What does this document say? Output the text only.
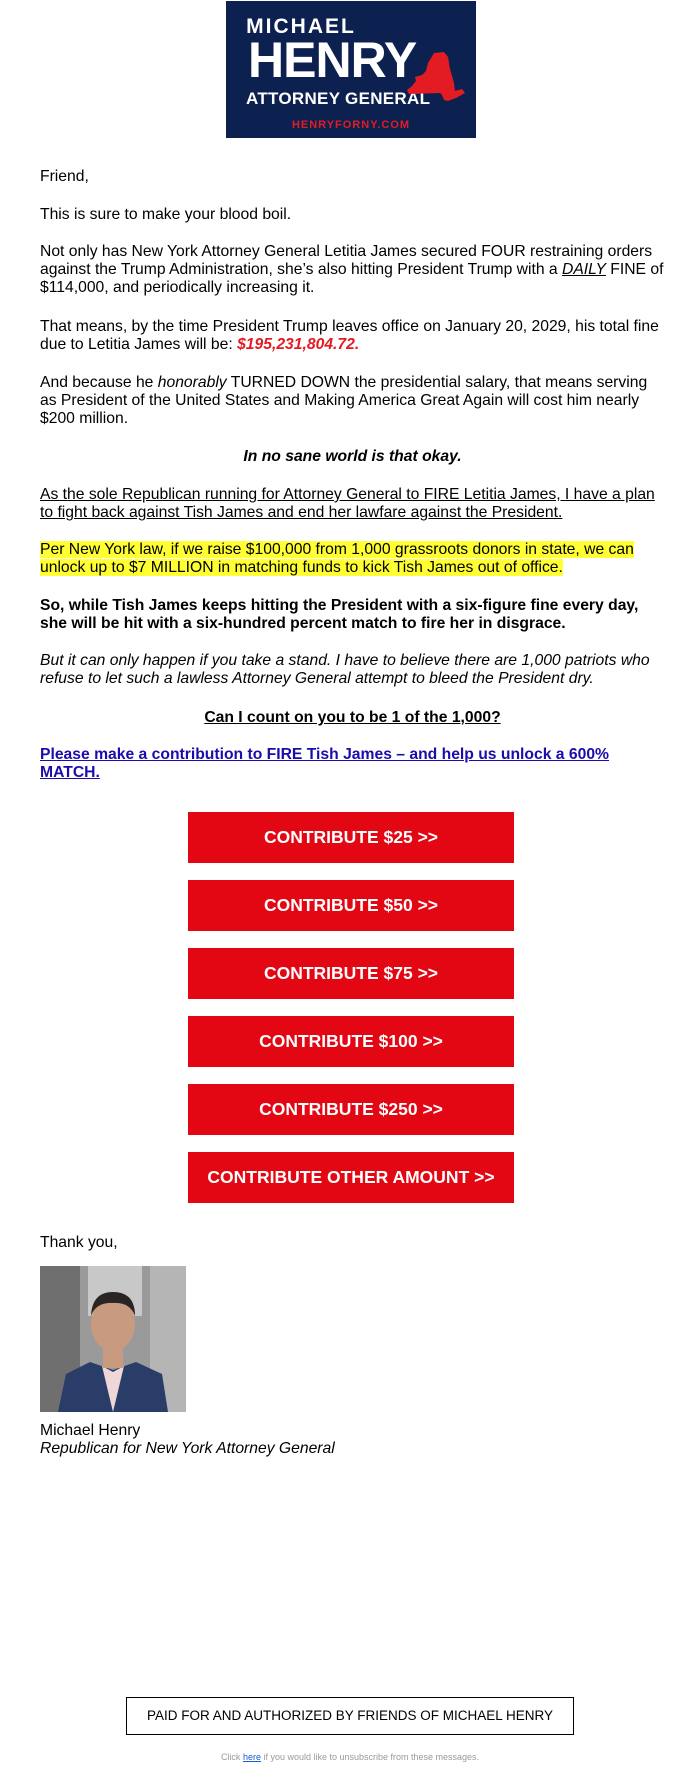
MICHAEL
HENRY
ATTORNEY GENERAL
HENRYFORNY.COM

Friend,

This is sure to make your blood boil.

Not only has New York Attorney General Letitia James secured FOUR restraining orders against the Trump Administration, she’s also hitting President Trump with a DAILY FINE of $114,000, and periodically increasing it.

That means, by the time President Trump leaves office on January 20, 2029, his total fine due to Letitia James will be: $195,231,804.72.

And because he honorably TURNED DOWN the presidential salary, that means serving as President of the United States and Making America Great Again will cost him nearly $200 million.

In no sane world is that okay.

As the sole Republican running for Attorney General to FIRE Letitia James, I have a plan to fight back against Tish James and end her lawfare against the President.

Per New York law, if we raise $100,000 from 1,000 grassroots donors in state, we can unlock up to $7 MILLION in matching funds to kick Tish James out of office.

So, while Tish James keeps hitting the President with a six-figure fine every day, she will be hit with a six-hundred percent match to fire her in disgrace.

But it can only happen if you take a stand. I have to believe there are 1,000 patriots who refuse to let such a lawless Attorney General attempt to bleed the President dry.

Can I count on you to be 1 of the 1,000?

Please make a contribution to FIRE Tish James – and help us unlock a 600% MATCH.

CONTRIBUTE $25 >>
CONTRIBUTE $50 >>
CONTRIBUTE $75 >>
CONTRIBUTE $100 >>
CONTRIBUTE $250 >>
CONTRIBUTE OTHER AMOUNT >>

Thank you,

Michael Henry

Republican for New York Attorney General

PAID FOR AND AUTHORIZED BY FRIENDS OF MICHAEL HENRY
Click here if you would like to unsubscribe from these messages.
